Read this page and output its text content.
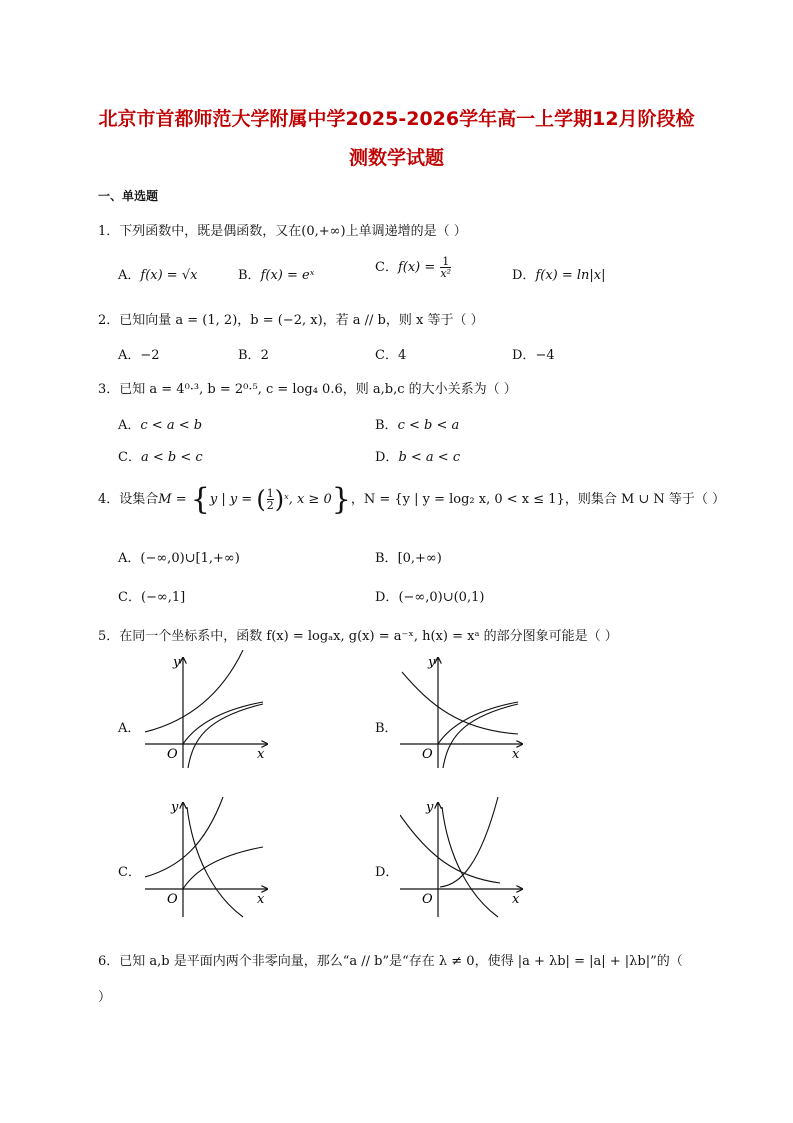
北京市首都师范大学附属中学2025-2026学年高一上学期12月阶段检
测数学试题
一、单选题
1．下列函数中，既是偶函数，又在(0,+∞)上单调递增的是（ ）
A．f(x) = √x	B．f(x) = eˣ
C．$f(x) = \frac{1}{\text{x²}}$	D．f(x) = ln|x|
2．已知向量 a = (1, 2)，b = (−2, x)，若 a // b，则 x 等于（ ）
A．−2	B．2	C．4	D．−4
3．已知 a = 4⁰·³, b = 2⁰·⁵, c = log₄ 0.6，则 a,b,c 的大小关系为（ ）
A．c < a < b	B．c < b < a
C．a < b < c	D．b < a < c
4．设集合M = {y | y = ( $\frac{1}{2}$ )ˣ, x ≥ 0}，N = {y | y = log₂ x, 0 < x ≤ 1}，则集合 M ∪ N 等于（ ）
A．(−∞,0)∪[1,+∞)	B．[0,+∞)
C．(−∞,1]	D．(−∞,0)∪(0,1)
5．在同一个坐标系中，函数 f(x) = logₐx, g(x) = a⁻ˣ, h(x) = xᵃ 的部分图象可能是（ ）
A．	B．
C．	D．
y
x
O
y
x
O
y
x
O
y
x
O
6．已知 a,b 是平面内两个非零向量，那么“a // b”是“存在 λ ≠ 0，使得 |a + λb| = |a| + |λb|”的（
）
